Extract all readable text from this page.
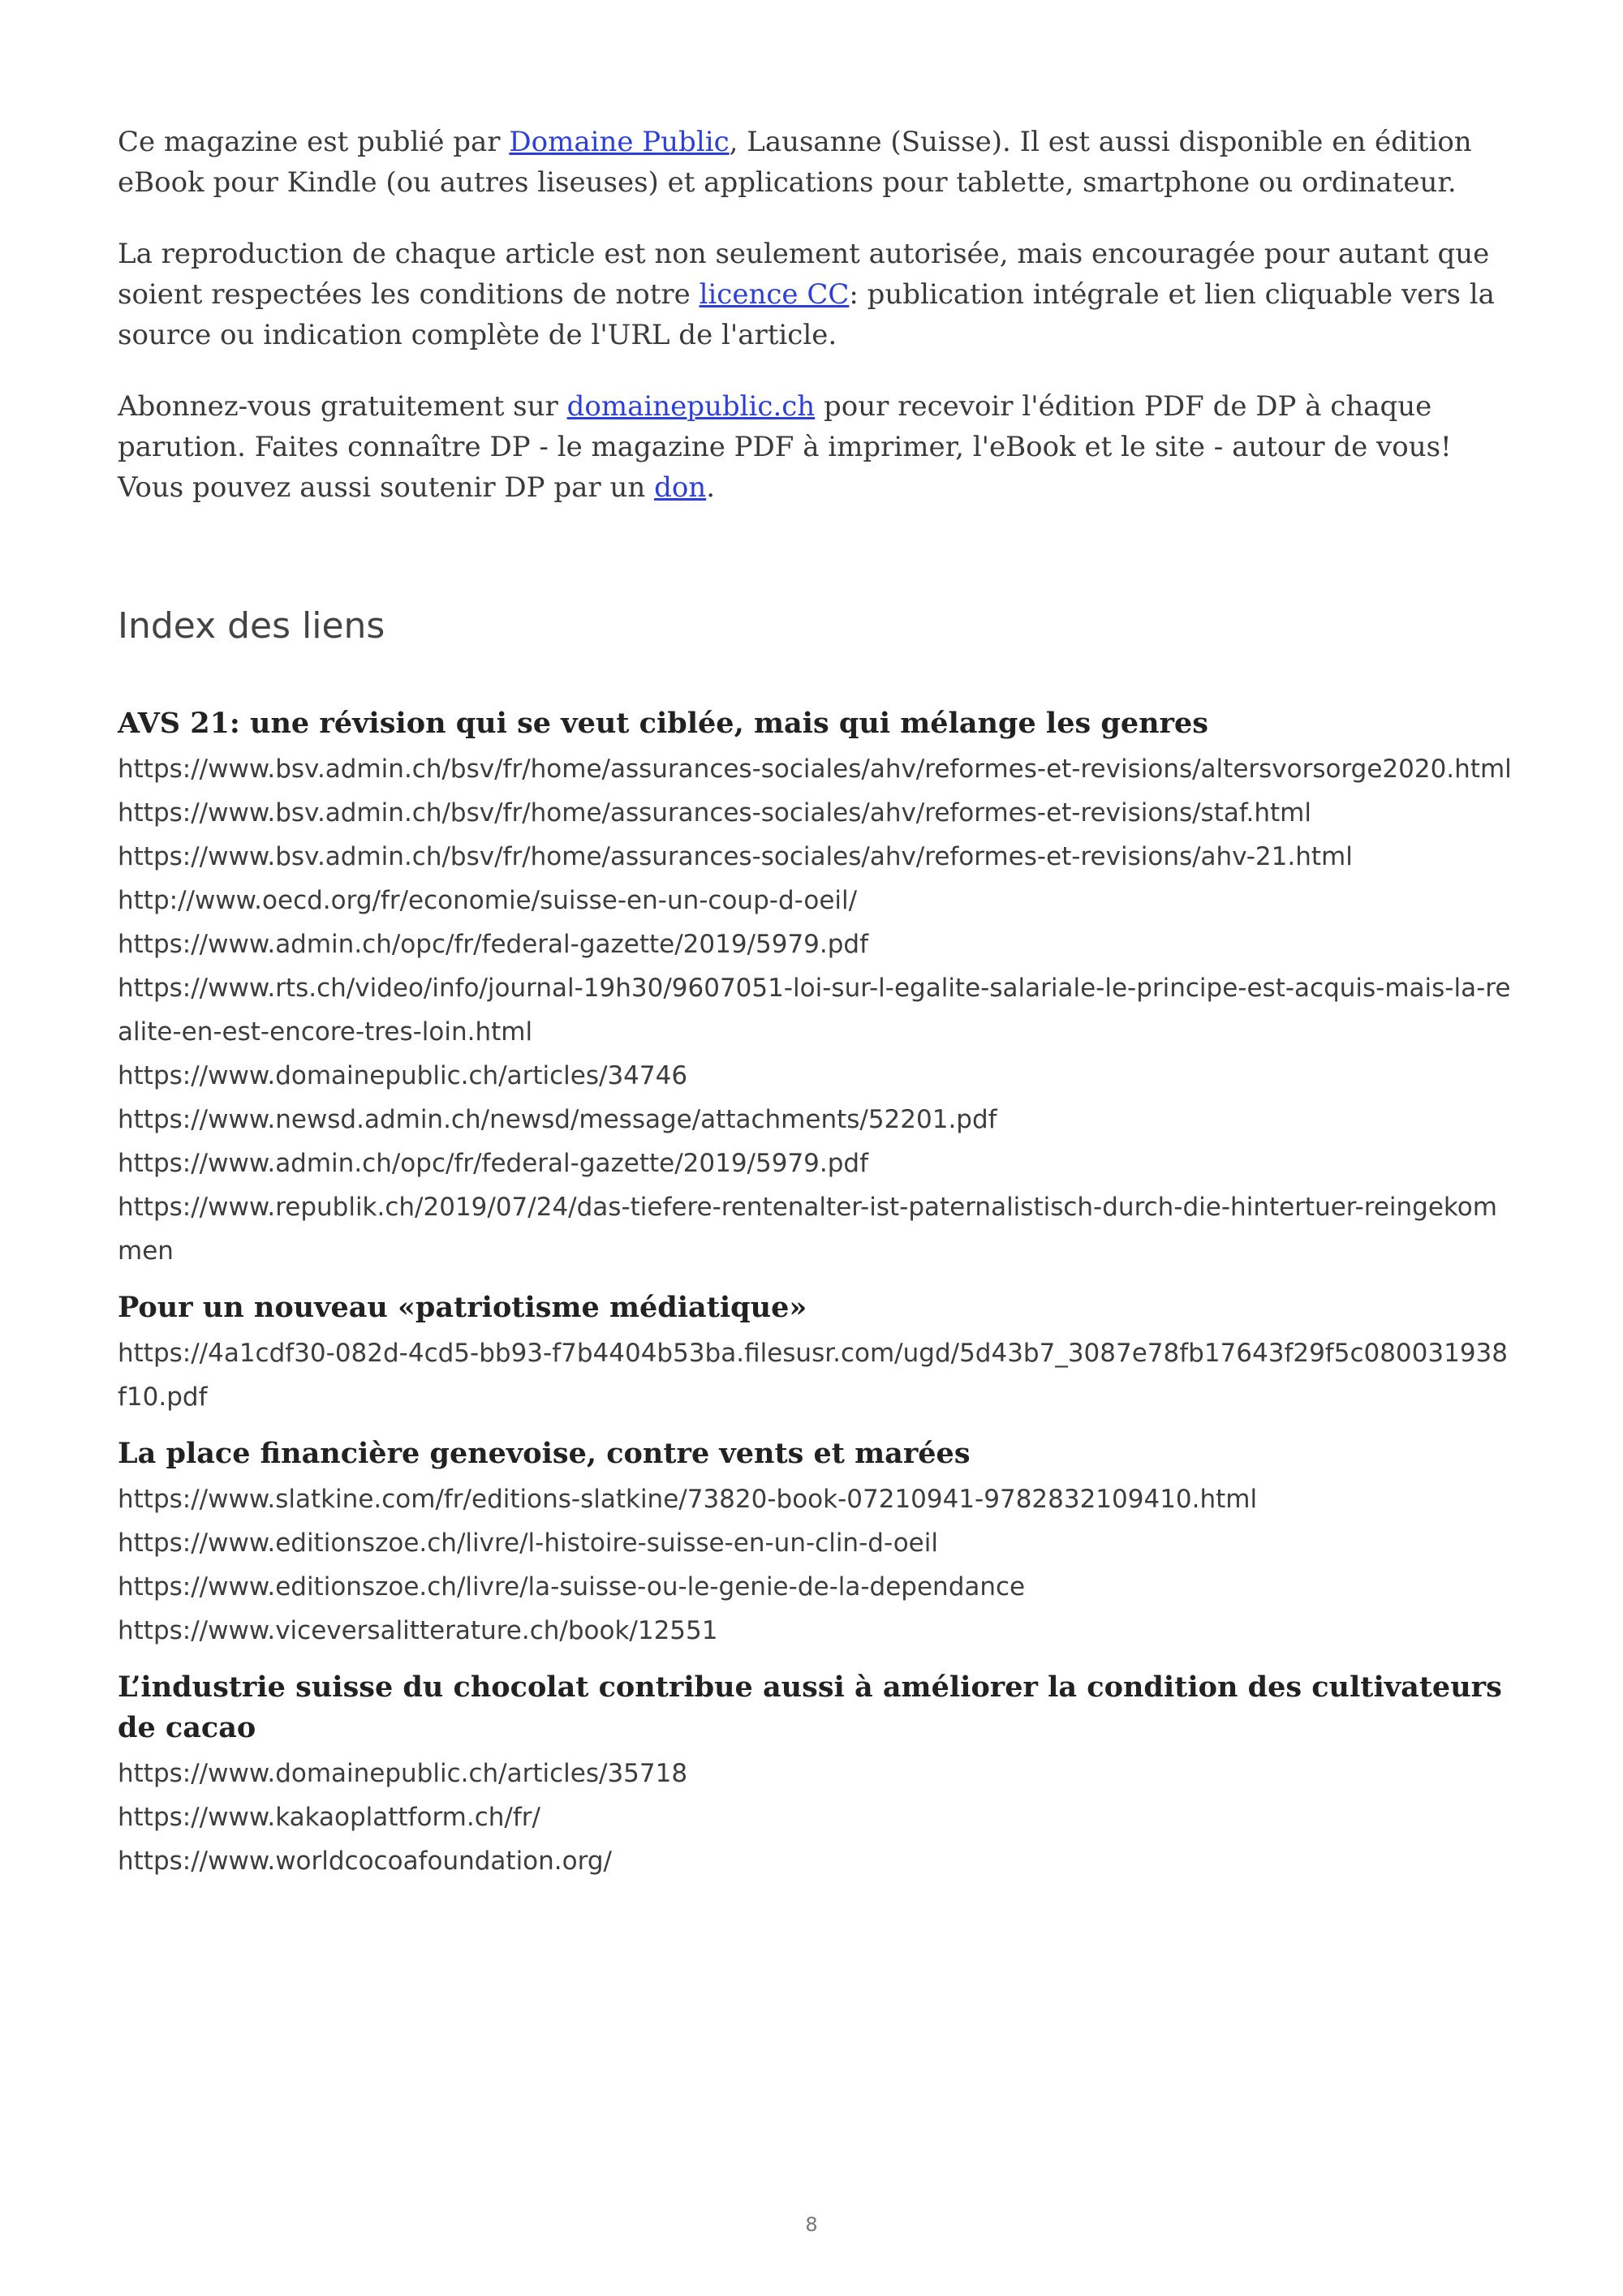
Ce magazine est publié par Domaine Public, Lausanne (Suisse). Il est aussi disponible en édition eBook pour Kindle (ou autres liseuses) et applications pour tablette, smartphone ou ordinateur.

La reproduction de chaque article est non seulement autorisée, mais encouragée pour autant que soient respectées les conditions de notre licence CC: publication intégrale et lien cliquable vers la source ou indication complète de l'URL de l'article.

Abonnez-vous gratuitement sur domainepublic.ch pour recevoir l'édition PDF de DP à chaque parution. Faites connaître DP - le magazine PDF à imprimer, l'eBook et le site - autour de vous! Vous pouvez aussi soutenir DP par un don.

Index des liens
AVS 21: une révision qui se veut ciblée, mais qui mélange les genres
https://www.bsv.admin.ch/bsv/fr/home/assurances-sociales/ahv/reformes-et-revisions/altersvorsorge2020.html
https://www.bsv.admin.ch/bsv/fr/home/assurances-sociales/ahv/reformes-et-revisions/staf.html
https://www.bsv.admin.ch/bsv/fr/home/assurances-sociales/ahv/reformes-et-revisions/ahv-21.html
http://www.oecd.org/fr/economie/suisse-en-un-coup-d-oeil/
https://www.admin.ch/opc/fr/federal-gazette/2019/5979.pdf
https://www.rts.ch/video/info/journal-19h30/9607051-loi-sur-l-egalite-salariale-le-principe-est-acquis-mais-la-realite-en-est-encore-tres-loin.html
https://www.domainepublic.ch/articles/34746
https://www.newsd.admin.ch/newsd/message/attachments/52201.pdf
https://www.admin.ch/opc/fr/federal-gazette/2019/5979.pdf
https://www.republik.ch/2019/07/24/das-tiefere-rentenalter-ist-paternalistisch-durch-die-hintertuer-reingekommen
Pour un nouveau «patriotisme médiatique»
https://4a1cdf30-082d-4cd5-bb93-f7b4404b53ba.filesusr.com/ugd/5d43b7_3087e78fb17643f29f5c080031938f10.pdf
La place financière genevoise, contre vents et marées
https://www.slatkine.com/fr/editions-slatkine/73820-book-07210941-9782832109410.html
https://www.editionszoe.ch/livre/l-histoire-suisse-en-un-clin-d-oeil
https://www.editionszoe.ch/livre/la-suisse-ou-le-genie-de-la-dependance
https://www.viceversalitterature.ch/book/12551
L’industrie suisse du chocolat contribue aussi à améliorer la condition des cultivateurs de cacao
https://www.domainepublic.ch/articles/35718
https://www.kakaoplattform.ch/fr/
https://www.worldcocoafoundation.org/
8
